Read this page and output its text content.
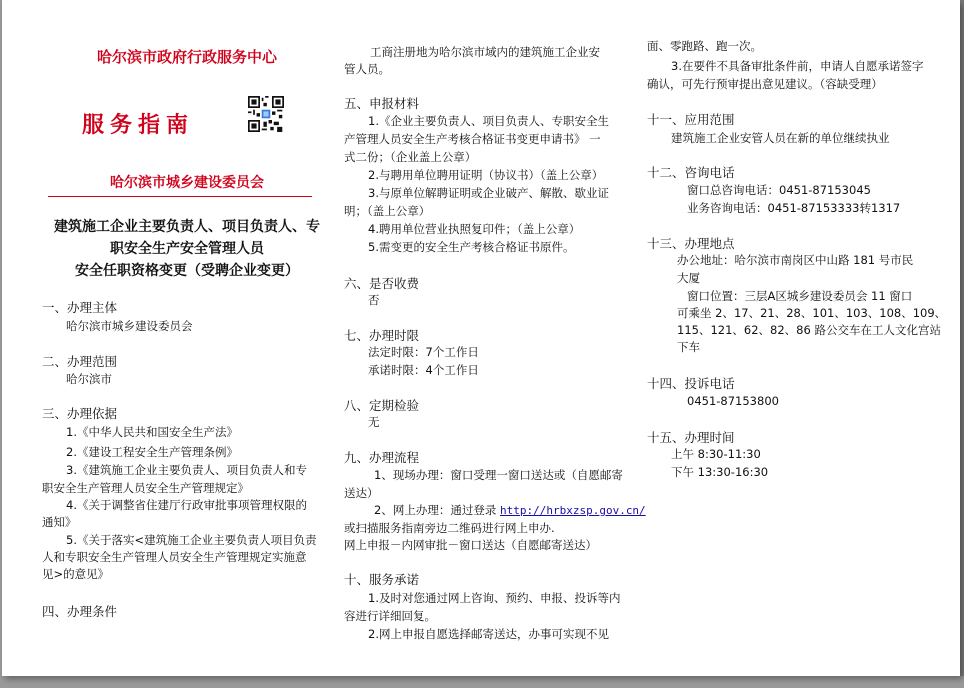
哈尔滨市政府行政服务中心
服务指南
哈尔滨市城乡建设委员会
建筑施工企业主要负责人、项目负责人、专
职安全生产安全管理人员
安全任职资格变更（受聘企业变更）
一、办理主体
哈尔滨市城乡建设委员会
二、办理范围
哈尔滨市
三、办理依据
1.《中华人民共和国安全生产法》
2.《建设工程安全生产管理条例》
3.《建筑施工企业主要负责人、项目负责人和专
职安全生产管理人员安全生产管理规定》
4.《关于调整省住建厅行政审批事项管理权限的
通知》
5.《关于落实<建筑施工企业主要负责人项目负责
人和专职安全生产管理人员安全生产管理规定实施意
见>的意见》
四、办理条件
工商注册地为哈尔滨市域内的建筑施工企业安
管人员。
五、申报材料
1.《企业主要负责人、项目负责人、专职安全生
产管理人员安全生产考核合格证书变更申请书》 一
式二份；（企业盖上公章）
2.与聘用单位聘用证明（协议书）（盖上公章）
3.与原单位解聘证明或企业破产、解散、歇业证
明；（盖上公章）
4.聘用单位营业执照复印件；（盖上公章）
5.需变更的安全生产考核合格证书原件。
六、是否收费
否
七、办理时限
法定时限：7个工作日
承诺时限：4个工作日
八、定期检验
无
九、办理流程
1、现场办理：窗口受理一窗口送达或（自愿邮寄
送达）
2、网上办理：通过登录 http://hrbxzsp.gov.cn/
或扫描服务指南旁边二维码进行网上申办.
网上申报－内网审批－窗口送达（自愿邮寄送达）
十、服务承诺
1.及时对您通过网上咨询、预约、申报、投诉等内
容进行详细回复。
2.网上申报自愿选择邮寄送达，办事可实现不见
面、零跑路、跑一次。
3.在要件不具备审批条件前，申请人自愿承诺签字
确认，可先行预审提出意见建议。（容缺受理）
十一、应用范围
建筑施工企业安管人员在新的单位继续执业
十二、咨询电话
窗口总咨询电话：0451-87153045
业务咨询电话：0451-87153333转1317
十三、办理地点
办公地址：哈尔滨市南岗区中山路 181 号市民
大厦
窗口位置：三层A区城乡建设委员会 11 窗口
可乘坐 2、17、21、28、101、103、108、109、
115、121、62、82、86 路公交车在工人文化宫站
下车
十四、投诉电话
0451-87153800
十五、办理时间
上午 8:30-11:30
下午 13:30-16:30
